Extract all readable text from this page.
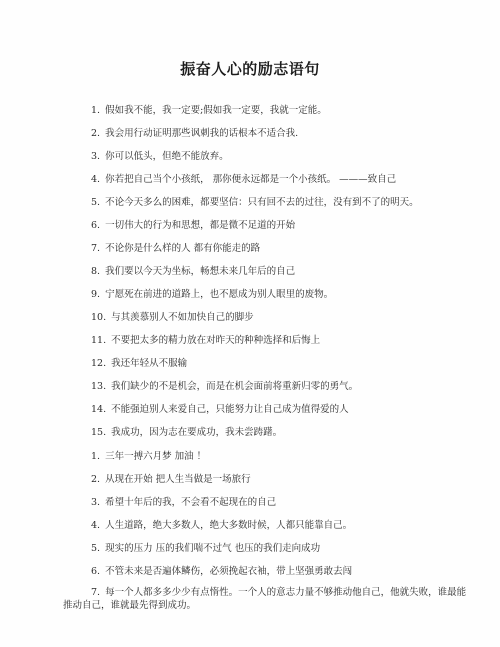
振奋人心的励志语句
1. 假如我不能，我一定要;假如我一定要，我就一定能。
2. 我会用行动证明那些讽刺我的话根本不适合我.
3. 你可以低头，但绝不能放弃。
4. 你若把自己当个小孩纸， 那你便永远都是一个小孩纸。 ———致自己
5. 不论今天多么的困难，都要坚信：只有回不去的过往，没有到不了的明天。
6. 一切伟大的行为和思想，都是微不足道的开始
7. 不论你是什么样的人 都有你能走的路
8. 我们要以今天为坐标，畅想未来几年后的自己
9. 宁愿死在前进的道路上，也不愿成为别人眼里的废物。
10. 与其羡慕别人不如加快自己的脚步
11. 不要把太多的精力放在对昨天的种种选择和后悔上
12. 我还年轻从不服输
13. 我们缺少的不是机会，而是在机会面前将重新归零的勇气。
14. 不能强迫别人来爱自己，只能努力让自己成为值得爱的人
15. 我成功，因为志在要成功，我未尝踌躇。
1. 三年一搏六月梦 加油 ！
2. 从现在开始 把人生当做是一场旅行
3. 希望十年后的我，不会看不起现在的自己
4. 人生道路，绝大多数人，绝大多数时候，人都只能靠自己。
5. 现实的压力 压的我们喘不过气 也压的我们走向成功
6. 不管未来是否遍体鳞伤，必须挽起衣袖，带上坚强勇敢去闯
7. 每一个人都多多少少有点惰性。一个人的意志力量不够推动他自己，他就失败，谁最能推动自己，谁就最先得到成功。
